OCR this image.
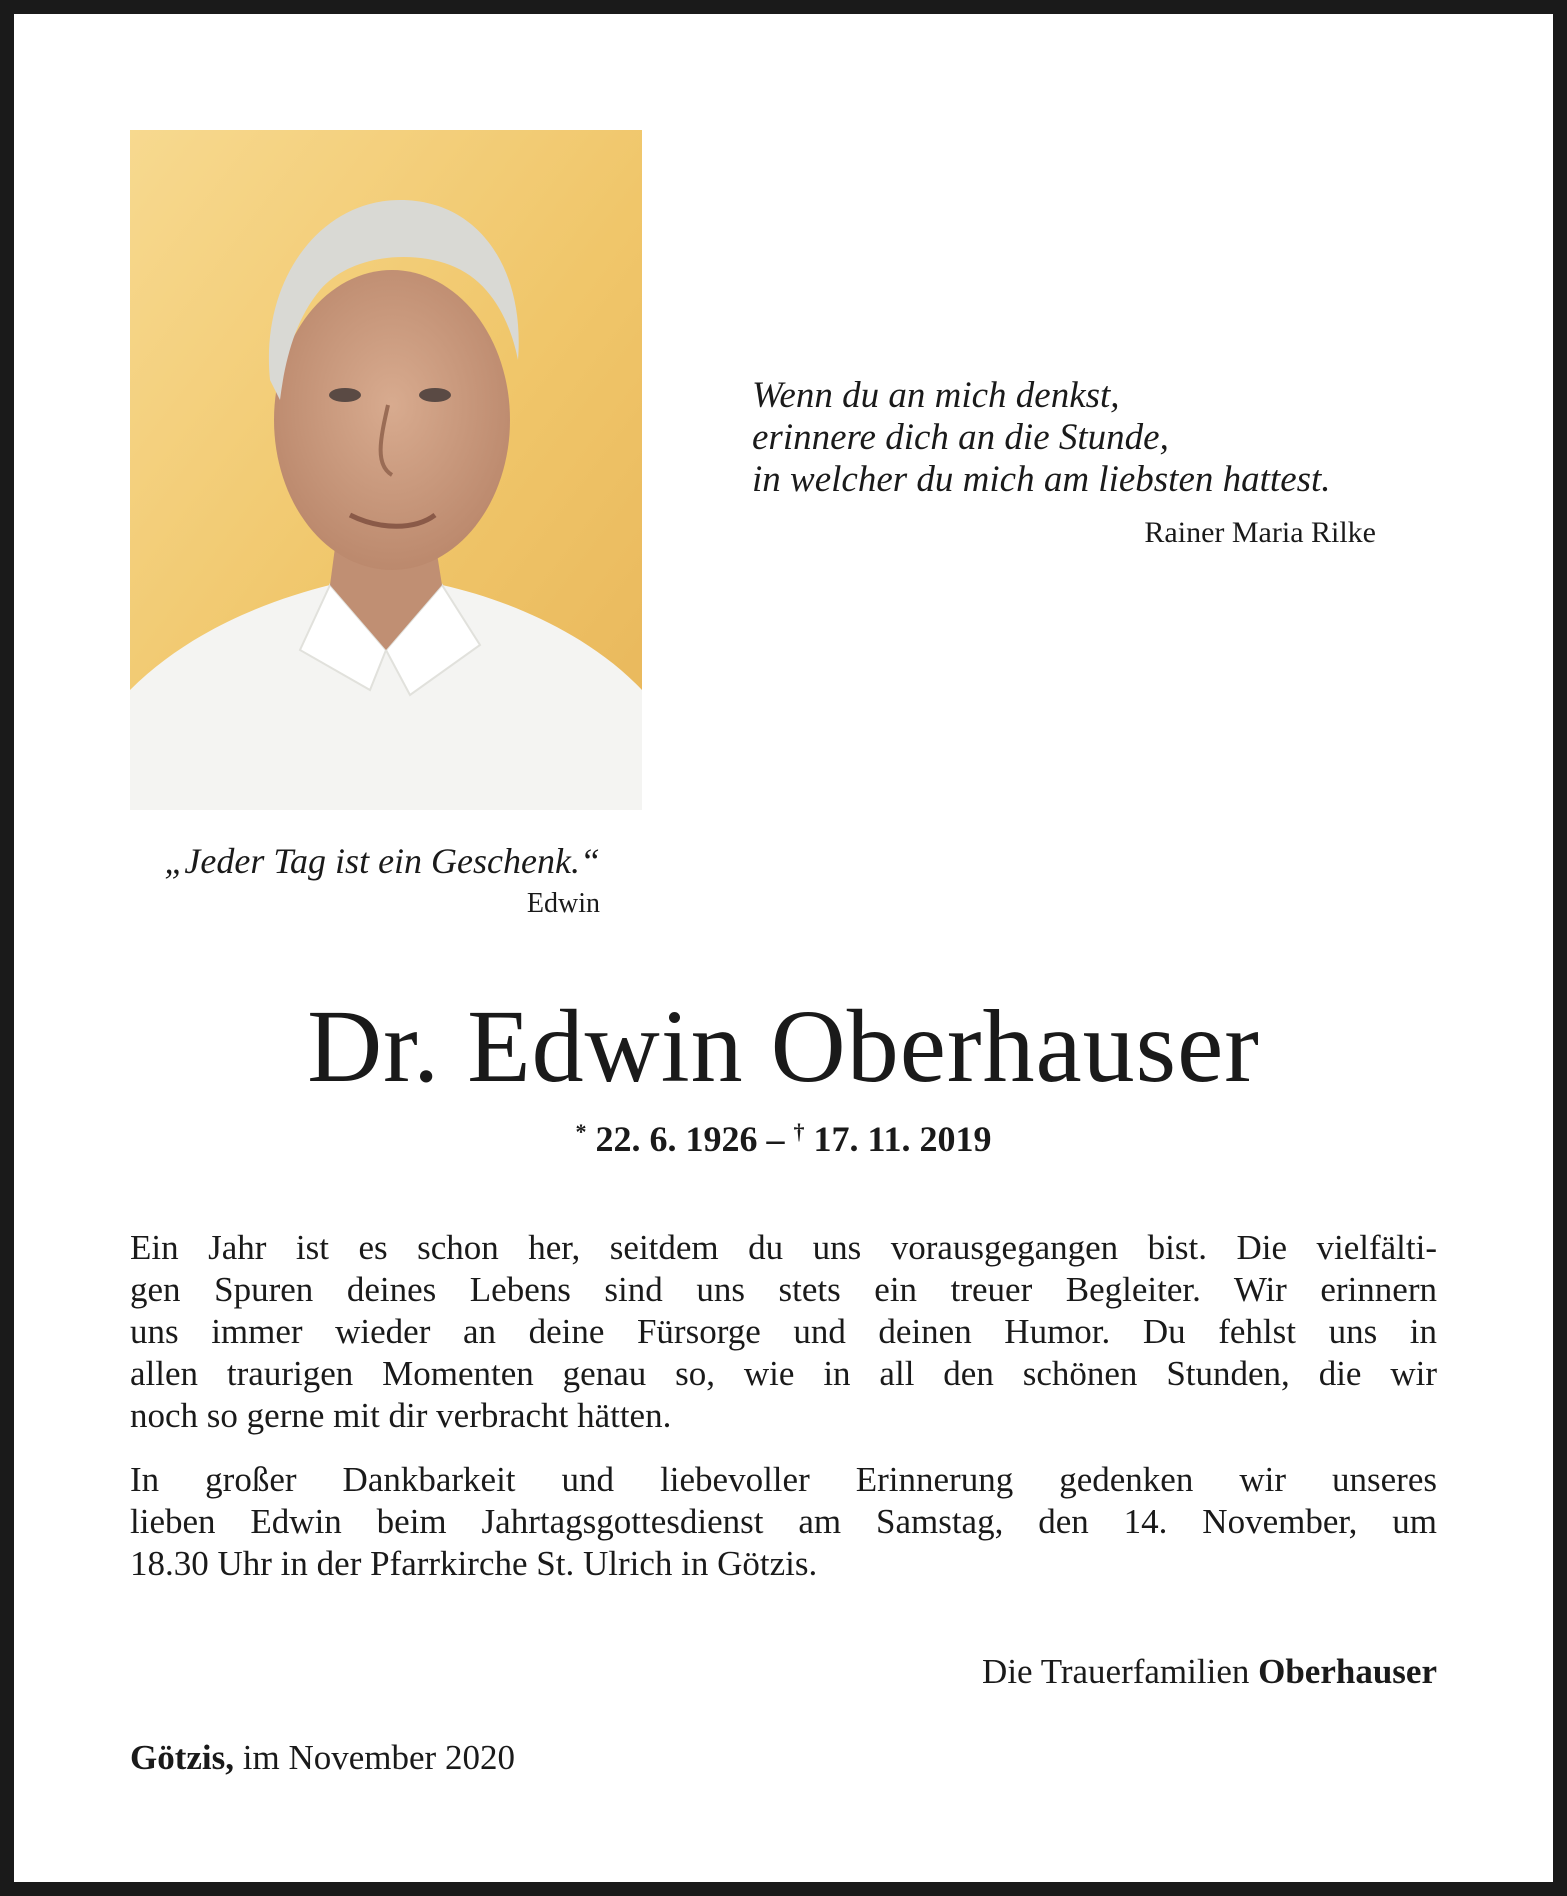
Wenn du an mich denkst,
erinnere dich an die Stunde,
in welcher du mich am liebsten hattest.
Rainer Maria Rilke
„Jeder Tag ist ein Geschenk.“
Edwin
Dr. Edwin Oberhauser
* 22. 6. 1926 – † 17. 11. 2019
Ein Jahr ist es schon her, seitdem du uns vorausgegangen bist. Die vielfälti-
gen Spuren deines Lebens sind uns stets ein treuer Begleiter. Wir erinnern
uns immer wieder an deine Fürsorge und deinen Humor. Du fehlst uns in
allen traurigen Momenten genau so, wie in all den schönen Stunden, die wir
noch so gerne mit dir verbracht hätten.
In großer Dankbarkeit und liebevoller Erinnerung gedenken wir unseres
lieben Edwin beim Jahrtagsgottesdienst am Samstag, den 14. November, um
18.30 Uhr in der Pfarrkirche St. Ulrich in Götzis.
Die Trauerfamilien Oberhauser
Götzis, im November 2020
